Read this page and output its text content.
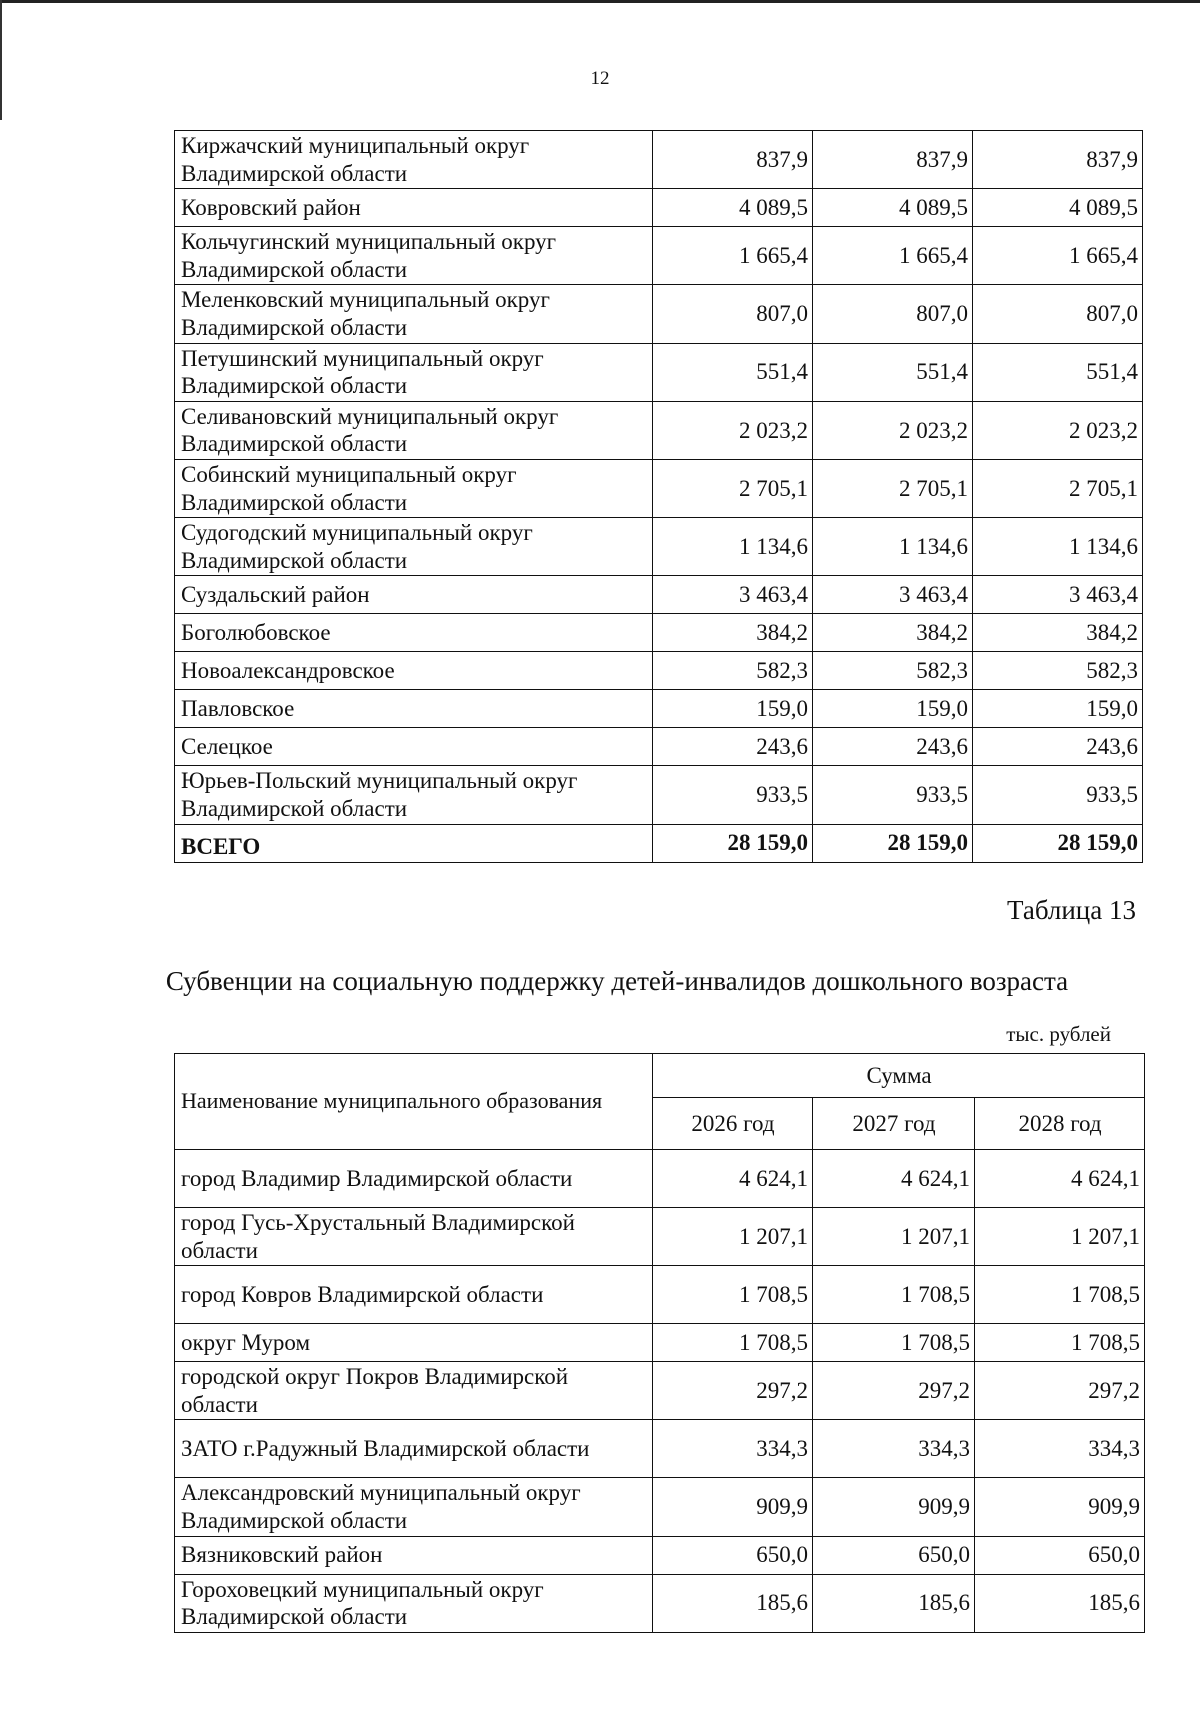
12
Киржачский муниципальный округ Владимирской области	837,9	837,9	837,9
Ковровский район	4 089,5	4 089,5	4 089,5
Кольчугинский муниципальный округ Владимирской области	1 665,4	1 665,4	1 665,4
Меленковский муниципальный округ Владимирской области	807,0	807,0	807,0
Петушинский муниципальный округ Владимирской области	551,4	551,4	551,4
Селивановский муниципальный округ Владимирской области	2 023,2	2 023,2	2 023,2
Собинский муниципальный округ Владимирской области	2 705,1	2 705,1	2 705,1
Судогодский муниципальный округ Владимирской области	1 134,6	1 134,6	1 134,6
Суздальский район	3 463,4	3 463,4	3 463,4
Боголюбовское	384,2	384,2	384,2
Новоалександровское	582,3	582,3	582,3
Павловское	159,0	159,0	159,0
Селецкое	243,6	243,6	243,6
Юрьев-Польский муниципальный округ Владимирской области	933,5	933,5	933,5
ВСЕГО	28 159,0	28 159,0	28 159,0
Таблица 13
Субвенции на социальную поддержку детей-инвалидов дошкольного возраста
тыс. рублей
Наименование муниципального образования	Сумма		
	2026 год	2027 год	2028 год
город Владимир Владимирской области	4 624,1	4 624,1	4 624,1
город Гусь-Хрустальный Владимирской области	1 207,1	1 207,1	1 207,1
город Ковров Владимирской области	1 708,5	1 708,5	1 708,5
округ Муром	1 708,5	1 708,5	1 708,5
городской округ Покров Владимирской области	297,2	297,2	297,2
ЗАТО г.Радужный Владимирской области	334,3	334,3	334,3
Александровский муниципальный округ Владимирской области	909,9	909,9	909,9
Вязниковский район	650,0	650,0	650,0
Гороховецкий муниципальный округ Владимирской области	185,6	185,6	185,6
